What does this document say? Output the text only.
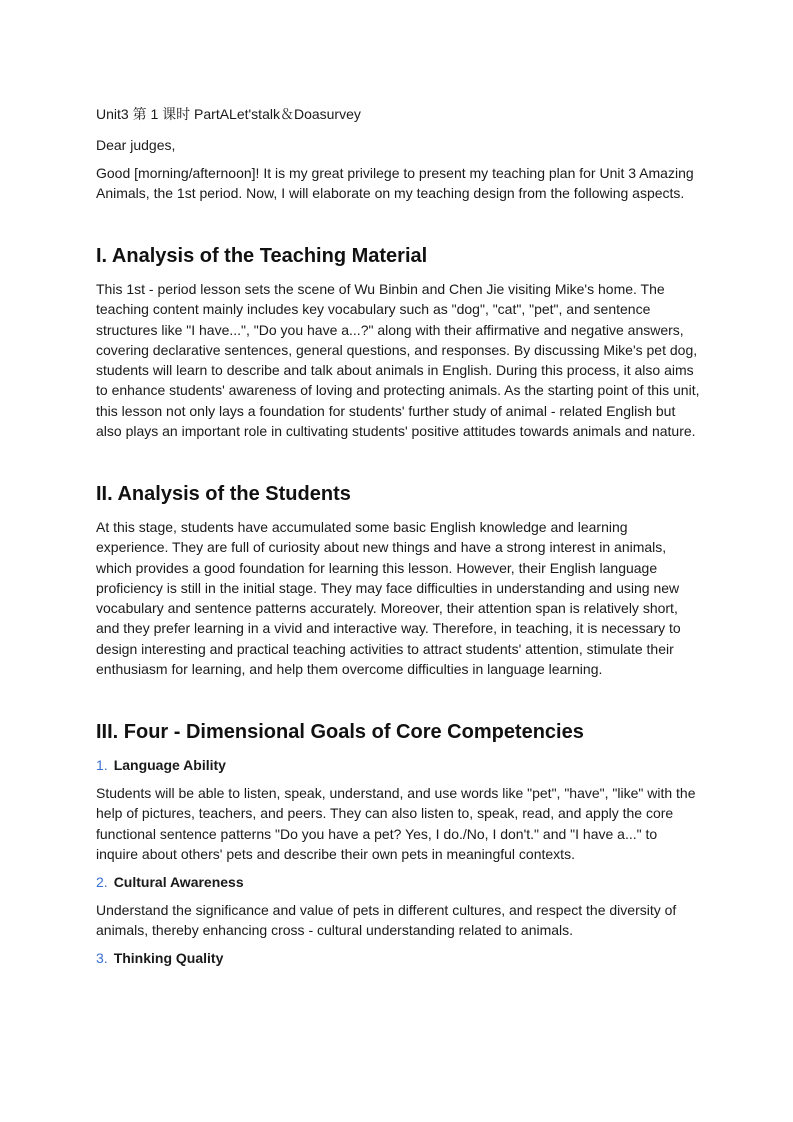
Unit3 第 1 课时 PartALet'stalk＆Doasurvey
Dear judges,

Good [morning/afternoon]! It is my great privilege to present my teaching plan for Unit 3 Amazing Animals, the 1st period. Now, I will elaborate on my teaching design from the following aspects.

I. Analysis of the Teaching Material

This 1st - period lesson sets the scene of Wu Binbin and Chen Jie visiting Mike's home. The teaching content mainly includes key vocabulary such as "dog", "cat", "pet", and sentence structures like "I have...", "Do you have a...?" along with their affirmative and negative answers, covering declarative sentences, general questions, and responses. By discussing Mike's pet dog, students will learn to describe and talk about animals in English. During this process, it also aims to enhance students' awareness of loving and protecting animals. As the starting point of this unit, this lesson not only lays a foundation for students' further study of animal - related English but also plays an important role in cultivating students' positive attitudes towards animals and nature.

II. Analysis of the Students

At this stage, students have accumulated some basic English knowledge and learning experience. They are full of curiosity about new things and have a strong interest in animals, which provides a good foundation for learning this lesson. However, their English language proficiency is still in the initial stage. They may face difficulties in understanding and using new vocabulary and sentence patterns accurately. Moreover, their attention span is relatively short, and they prefer learning in a vivid and interactive way. Therefore, in teaching, it is necessary to design interesting and practical teaching activities to attract students' attention, stimulate their enthusiasm for learning, and help them overcome difficulties in language learning.

III. Four - Dimensional Goals of Core Competencies
1. Language Ability

Students will be able to listen, speak, understand, and use words like "pet", "have", "like" with the help of pictures, teachers, and peers. They can also listen to, speak, read, and apply the core functional sentence patterns "Do you have a pet? Yes, I do./No, I don't." and "I have a..." to inquire about others' pets and describe their own pets in meaningful contexts.

2. Cultural Awareness

Understand the significance and value of pets in different cultures, and respect the diversity of animals, thereby enhancing cross - cultural understanding related to animals.

3. Thinking Quality
